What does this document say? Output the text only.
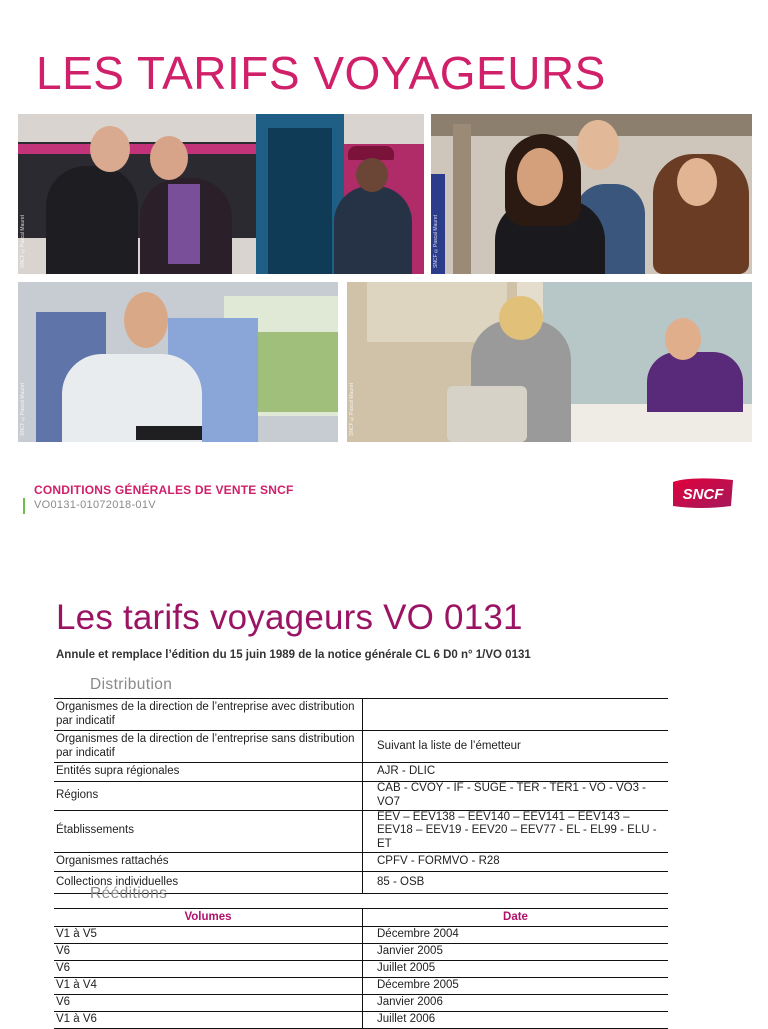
LES TARIFS VOYAGEURS
SNCF ©Pascal Mauret	SNCF ©Pascal Mauret
SNCF ©Pascal Mauret	SNCF ©Pascal Mauret
CONDITIONS GÉNÉRALES DE VENTE SNCF
VO0131-01072018-01V
SNCF
Les tarifs voyageurs VO 0131
Annule et remplace l’édition du 15 juin 1989 de la notice générale CL 6 D0 n° 1/VO 0131
Distribution
Organismes de la direction de l’entreprise avec distribution par indicatif	
Organismes de la direction de l’entreprise sans distribution par indicatif	Suivant la liste de l’émetteur
Entités supra régionales	AJR - DLIC
Régions	CAB - CVOY - IF - SUGE - TER - TER1 - VO - VO3 - VO7
Établissements	EEV – EEV138 – EEV140 – EEV141 – EEV143 – EEV18 – EEV19 - EEV20 – EEV77 - EL - EL99 - ELU - ET
Organismes rattachés	CPFV - FORMVO - R28
Collections individuelles	85 - OSB
Rééditions
Volumes	Date
V1 à V5	Décembre 2004
V6	Janvier 2005
V6	Juillet 2005
V1 à V4	Décembre 2005
V6	Janvier 2006
V1 à V6	Juillet 2006
